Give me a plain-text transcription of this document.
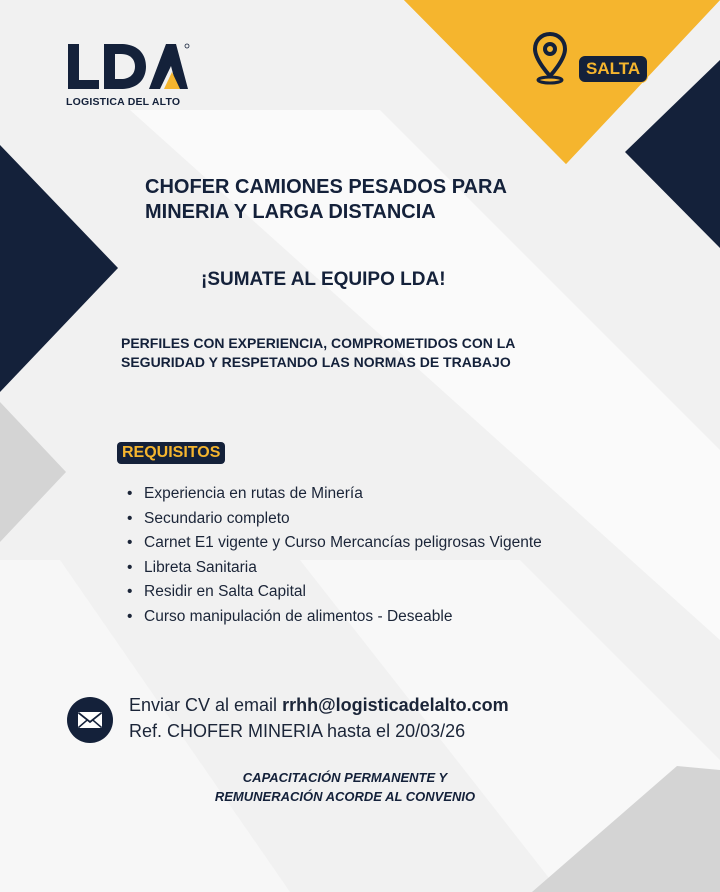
LOGISTICA DEL ALTO
SALTA
CHOFER CAMIONES PESADOS PARA
MINERIA Y LARGA DISTANCIA
¡SUMATE AL EQUIPO LDA!
PERFILES CON EXPERIENCIA, COMPROMETIDOS CON LA
SEGURIDAD Y RESPETANDO LAS NORMAS DE TRABAJO
REQUISITOS
• Experiencia en rutas de Minería
• Secundario completo
• Carnet E1 vigente y Curso Mercancías peligrosas Vigente
• Libreta Sanitaria
• Residir en Salta Capital
• Curso manipulación de alimentos - Deseable
Enviar CV al email rrhh@logisticadelalto.com
Ref. CHOFER MINERIA hasta el 20/03/26
CAPACITACIÓN PERMANENTE Y
REMUNERACIÓN ACORDE AL CONVENIO
